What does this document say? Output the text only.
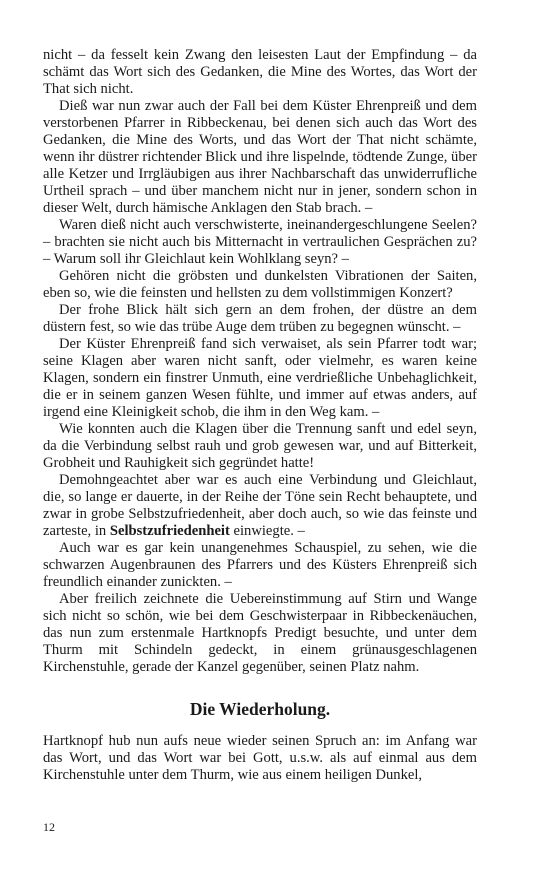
nicht – da fesselt kein Zwang den leisesten Laut der Empfindung – da schämt das Wort sich des Gedanken, die Mine des Wortes, das Wort der That sich nicht.

Dieß war nun zwar auch der Fall bei dem Küster Ehrenpreiß und dem verstorbenen Pfarrer in Ribbeckenau, bei denen sich auch das Wort des Gedanken, die Mine des Worts, und das Wort der That nicht schämte, wenn ihr düstrer richtender Blick und ihre lispelnde, tödtende Zunge, über alle Ketzer und Irrgläubigen aus ihrer Nachbarschaft das unwiderrufliche Urtheil sprach – und über manchem nicht nur in jener, sondern schon in dieser Welt, durch hämische Anklagen den Stab brach. –

Waren dieß nicht auch verschwisterte, ineinandergeschlungene Seelen? – brachten sie nicht auch bis Mitternacht in vertraulichen Gesprächen zu? – Warum soll ihr Gleichlaut kein Wohlklang seyn? –

Gehören nicht die gröbsten und dunkelsten Vibrationen der Saiten, eben so, wie die feinsten und hellsten zu dem vollstimmigen Konzert?

Der frohe Blick hält sich gern an dem frohen, der düstre an dem düstern fest, so wie das trübe Auge dem trüben zu begegnen wünscht. –

Der Küster Ehrenpreiß fand sich verwaiset, als sein Pfarrer todt war; seine Klagen aber waren nicht sanft, oder vielmehr, es waren keine Klagen, sondern ein finstrer Unmuth, eine verdrießliche Unbehaglichkeit, die er in seinem ganzen Wesen fühlte, und immer auf etwas anders, auf irgend eine Kleinigkeit schob, die ihm in den Weg kam. –

Wie konnten auch die Klagen über die Trennung sanft und edel seyn, da die Verbindung selbst rauh und grob gewesen war, und auf Bitterkeit, Grobheit und Rauhigkeit sich gegründet hatte!

Demohngeachtet aber war es auch eine Verbindung und Gleichlaut, die, so lange er dauerte, in der Reihe der Töne sein Recht behauptete, und zwar in grobe Selbstzufriedenheit, aber doch auch, so wie das feinste und zarteste, in Selbstzufriedenheit einwiegte. –

Auch war es gar kein unangenehmes Schauspiel, zu sehen, wie die schwarzen Augenbraunen des Pfarrers und des Küsters Ehrenpreiß sich freundlich einander zunickten. –

Aber freilich zeichnete die Uebereinstimmung auf Stirn und Wange sich nicht so schön, wie bei dem Geschwisterpaar in Ribbeckenäuchen, das nun zum erstenmale Hartknopfs Predigt besuchte, und unter dem Thurm mit Schindeln gedeckt, in einem grünausgeschlagenen Kirchenstuhle, gerade der Kanzel gegenüber, seinen Platz nahm.

Die Wiederholung.

Hartknopf hub nun aufs neue wieder seinen Spruch an: im Anfang war das Wort, und das Wort war bei Gott, u.s.w. als auf einmal aus dem Kirchenstuhle unter dem Thurm, wie aus einem heiligen Dunkel,

12
